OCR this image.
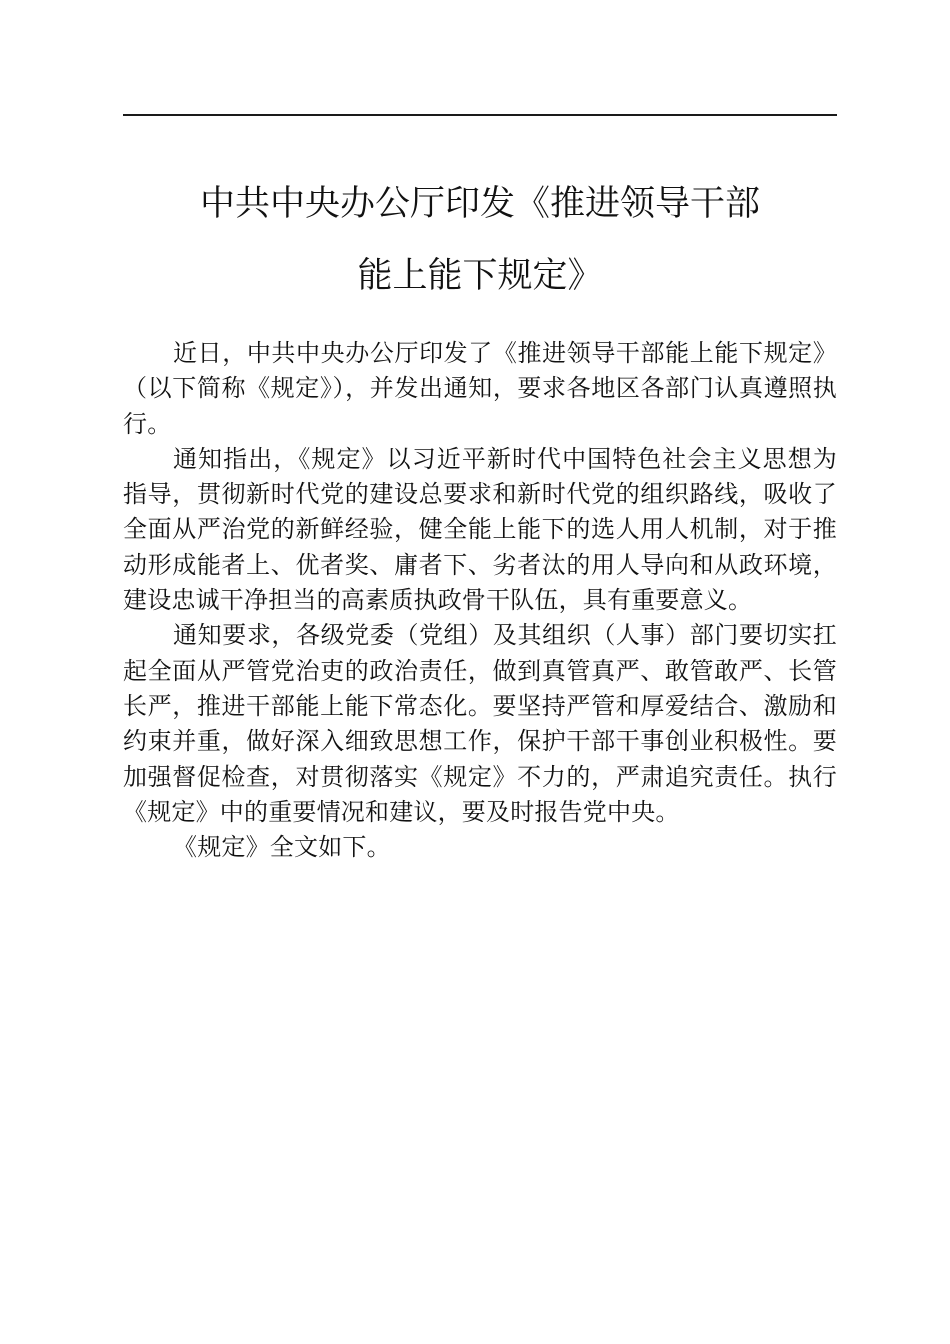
中共中央办公厅印发《推进领导干部
能上能下规定》

近日，中共中央办公厅印发了《推进领导干部能上能下规定》（以下简称《规定》），并发出通知，要求各地区各部门认真遵照执行。

通知指出，《规定》以习近平新时代中国特色社会主义思想为指导，贯彻新时代党的建设总要求和新时代党的组织路线，吸收了全面从严治党的新鲜经验，健全能上能下的选人用人机制，对于推动形成能者上、优者奖、庸者下、劣者汰的用人导向和从政环境，建设忠诚干净担当的高素质执政骨干队伍，具有重要意义。

通知要求，各级党委（党组）及其组织（人事）部门要切实扛起全面从严管党治吏的政治责任，做到真管真严、敢管敢严、长管长严，推进干部能上能下常态化。要坚持严管和厚爱结合、激励和约束并重，做好深入细致思想工作，保护干部干事创业积极性。要加强督促检查，对贯彻落实《规定》不力的，严肃追究责任。执行《规定》中的重要情况和建议，要及时报告党中央。

《规定》全文如下。
